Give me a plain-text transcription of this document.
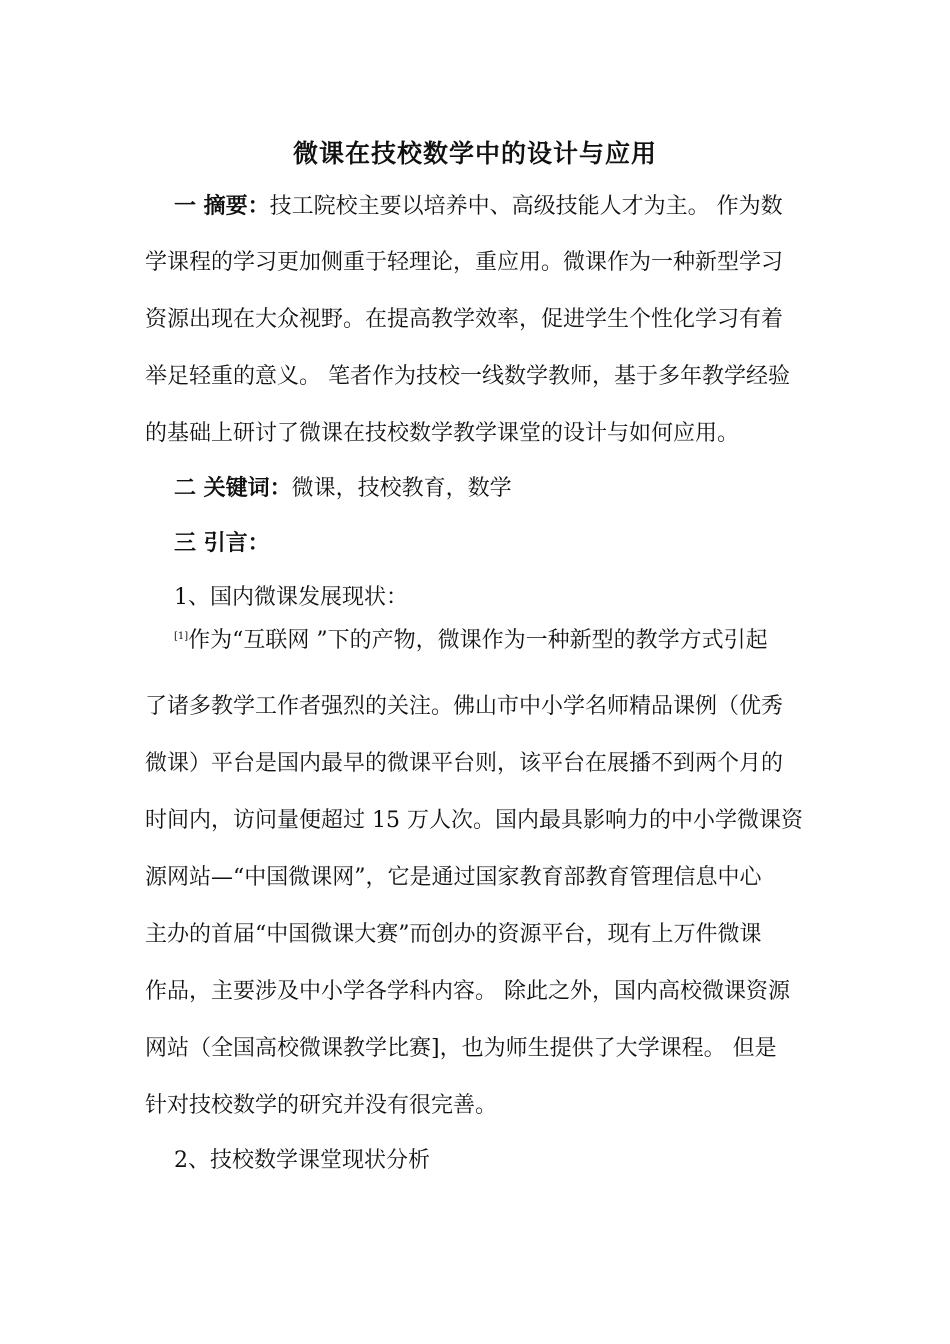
微课在技校数学中的设计与应用
一 摘要：技工院校主要以培养中、高级技能人才为主。 作为数
学课程的学习更加侧重于轻理论，重应用。微课作为一种新型学习
资源出现在大众视野。在提高教学效率，促进学生个性化学习有着
举足轻重的意义。 笔者作为技校一线数学教师，基于多年教学经验
的基础上研讨了微课在技校数学教学课堂的设计与如何应用。
二 关键词：微课，技校教育，数学
三 引言：
1、国内微课发展现状：
[1]作为“互联网 ”下的产物，微课作为一种新型的教学方式引起
了诸多教学工作者强烈的关注。佛山市中小学名师精品课例（优秀
微课）平台是国内最早的微课平台则，该平台在展播不到两个月的
时间内，访问量便超过 15 万人次。国内最具影响力的中小学微课资
源网站—“中国微课网”，它是通过国家教育部教育管理信息中心
主办的首届“中国微课大赛”而创办的资源平台，现有上万件微课
作品，主要涉及中小学各学科内容。 除此之外，国内高校微课资源
网站（全国高校微课教学比赛]，也为师生提供了大学课程。 但是
针对技校数学的研究并没有很完善。
2、技校数学课堂现状分析
